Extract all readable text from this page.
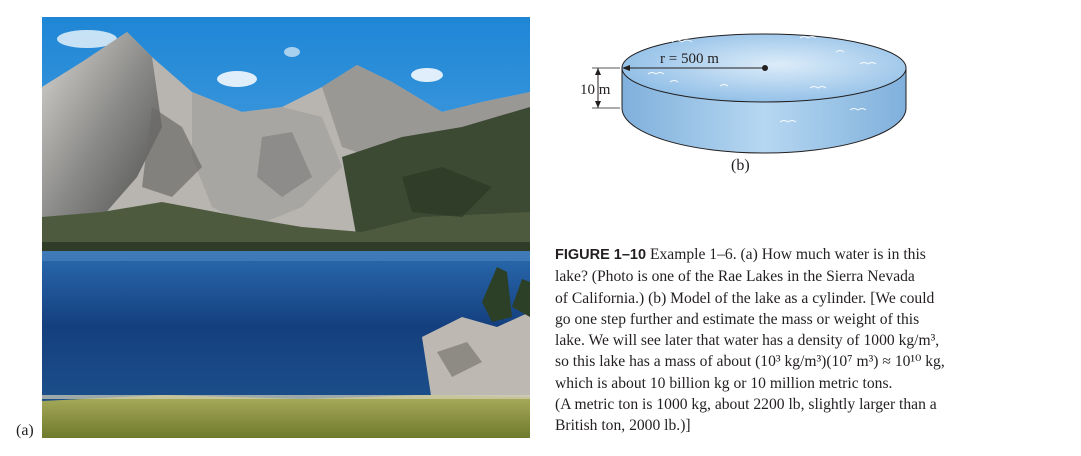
(a)
r = 500 m
10 m
(b)
FIGURE 1–10 Example 1–6. (a) How much water is in this
lake? (Photo is one of the Rae Lakes in the Sierra Nevada
of California.) (b) Model of the lake as a cylinder. [We could
go one step further and estimate the mass or weight of this
lake. We will see later that water has a density of 1000 kg/m³,
so this lake has a mass of about (10³ kg/m³)(10⁷ m³) ≈ 10¹⁰ kg,
which is about 10 billion kg or 10 million metric tons.
(A metric ton is 1000 kg, about 2200 lb, slightly larger than a
British ton, 2000 lb.)]
